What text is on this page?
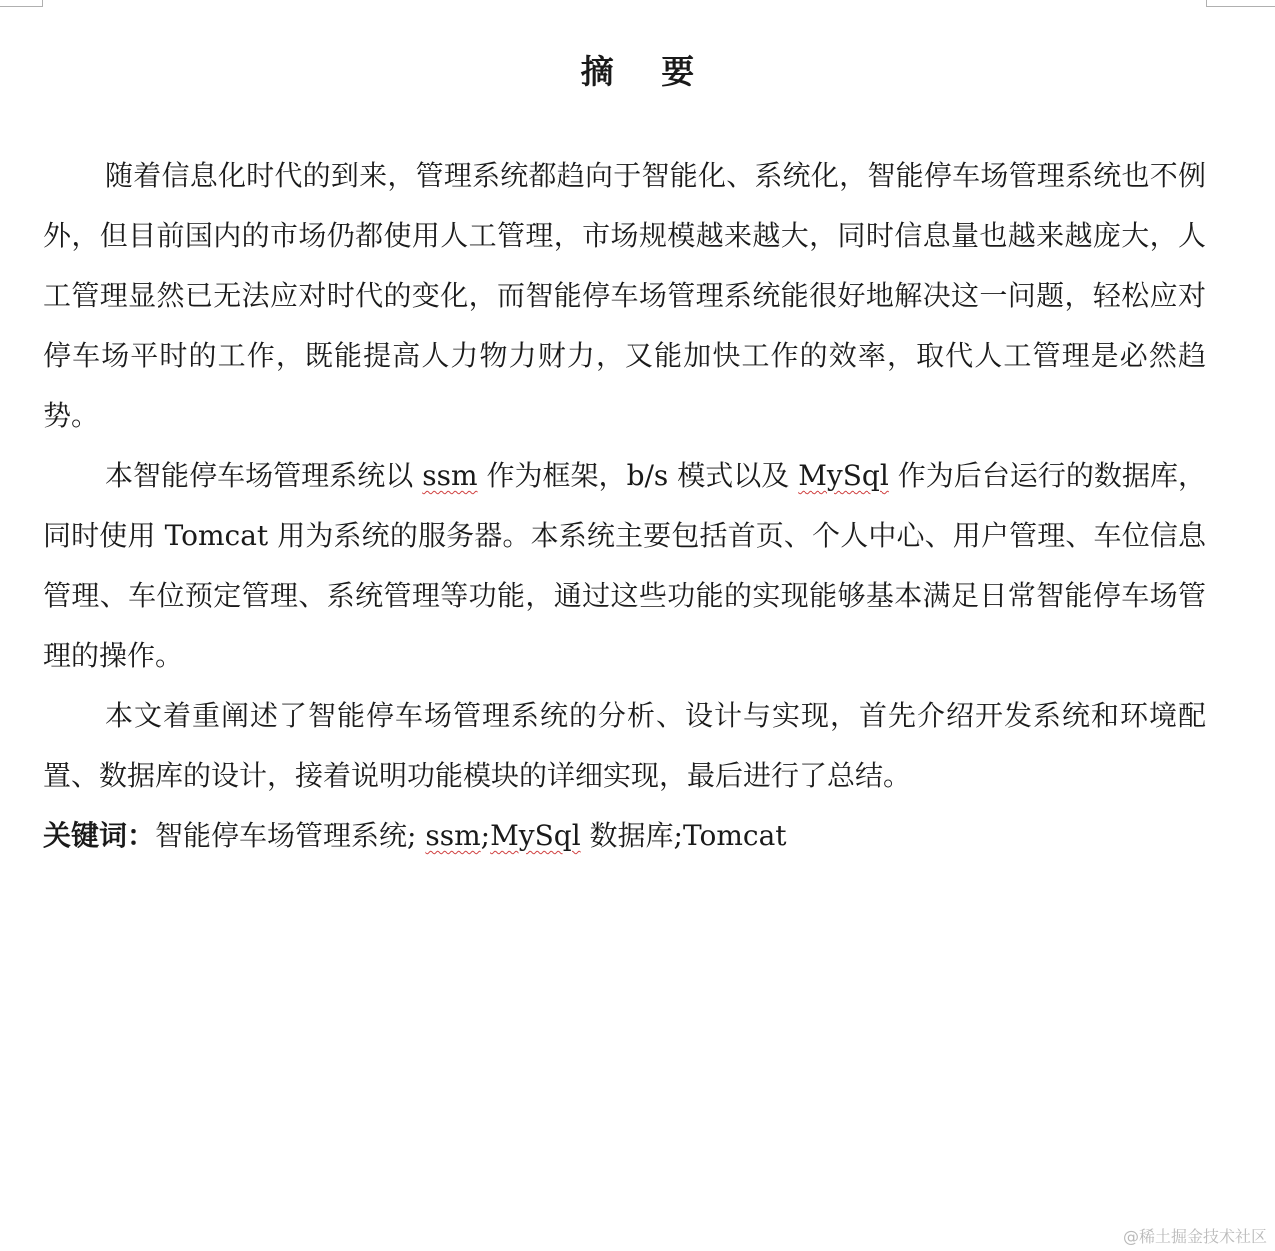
摘 要

随着信息化时代的到来，管理系统都趋向于智能化、系统化，智能停车场管理系统也不例外，但目前国内的市场仍都使用人工管理，市场规模越来越大，同时信息量也越来越庞大，人工管理显然已无法应对时代的变化，而智能停车场管理系统能很好地解决这一问题，轻松应对停车场平时的工作，既能提高人力物力财力，又能加快工作的效率，取代人工管理是必然趋势。

本智能停车场管理系统以 ssm 作为框架，b/s 模式以及 MySql 作为后台运行的数据库，同时使用 Tomcat 用为系统的服务器。本系统主要包括首页、个人中心、用户管理、车位信息管理、车位预定管理、系统管理等功能，通过这些功能的实现能够基本满足日常智能停车场管理的操作。

本文着重阐述了智能停车场管理系统的分析、设计与实现，首先介绍开发系统和环境配置、数据库的设计，接着说明功能模块的详细实现，最后进行了总结。

关键词：智能停车场管理系统; ssm;MySql 数据库;Tomcat

@稀土掘金技术社区
